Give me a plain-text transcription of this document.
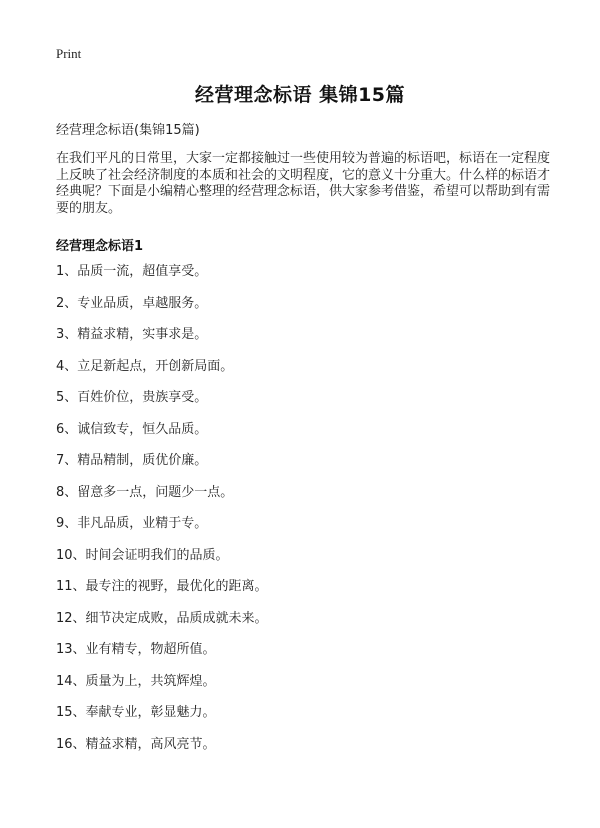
Print
经营理念标语 集锦15篇

经营理念标语(集锦15篇)

在我们平凡的日常里，大家一定都接触过一些使用较为普遍的标语吧，标语在一定程度上反映了社会经济制度的本质和社会的文明程度，它的意义十分重大。什么样的标语才经典呢？下面是小编精心整理的经营理念标语，供大家参考借鉴，希望可以帮助到有需要的朋友。

经营理念标语1

1、品质一流，超值享受。
2、专业品质，卓越服务。
3、精益求精，实事求是。
4、立足新起点，开创新局面。
5、百姓价位，贵族享受。
6、诚信致专，恒久品质。
7、精品精制，质优价廉。
8、留意多一点，问题少一点。
9、非凡品质，业精于专。
10、时间会证明我们的品质。
11、最专注的视野，最优化的距离。
12、细节决定成败，品质成就未来。
13、业有精专，物超所值。
14、质量为上，共筑辉煌。
15、奉献专业，彰显魅力。
16、精益求精，高风亮节。
